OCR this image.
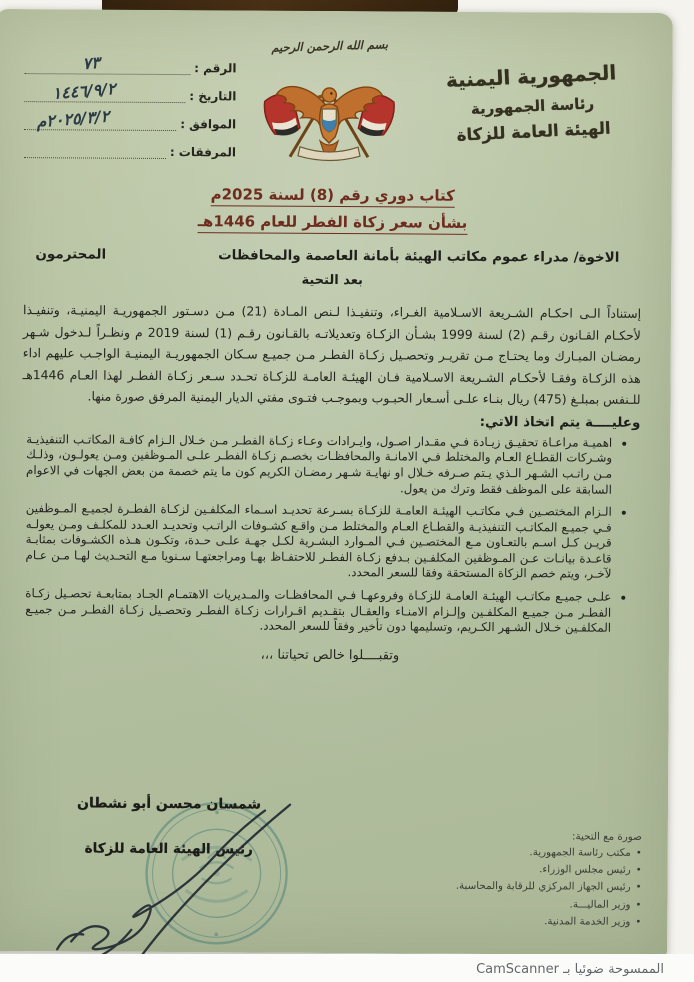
الجمهورية اليمنية
رئاسة الجمهورية
الهيئة العامة للزكاة
بسم الله الرحمن الرحيم
الرقم :
٧٣
التاريخ :
١٤٤٦/٩/٢
الموافق :
٢٠٢٥/٣/٢م
المرفقات :
كتاب دوري رقم (8) لسنة 2025م
بشأن سعر زكاة الفطر للعام 1446هـ
الاخوة/ مدراء عموم مكاتب الهيئة بأمانة العاصمة والمحافظات
المحترمون
بعد التحية

إستناداً الـى احكـام الشـريعة الاسـلامية الغـراء، وتنفيـذا لـنص المـادة (21) مـن دسـتور الجمهوريـة اليمنيـة، وتنفيـذا لأحكـام القـانون رقـم (2) لسنة 1999 بشـأن الزكـاة وتعديلاتـه بالقـانون رقـم (1) لسنة 2019 م ونظـراً لـدخول شـهر رمضـان المبـارك وما يحتـاج مـن تقريـر وتحصـيل زكـاة الفطـر مـن جميـع سـكان الجمهوريـة اليمنيـة الواجـب عليهم اداء هذه الزكـاة وفقـا لأحكـام الشـريعة الاسـلامية فـان الهيئـة العامـة للزكـاة تحـدد سـعر زكـاة الفطـر لهذا العـام 1446هـ للـنفس بمبلـغ (475) ريال بنـاء علـى أسـعار الحبـوب وبموجـب فتـوى مفتي الديار اليمنية المرفق صورة منها.

وعليــــة يتم اتخاذ الاتي:
• اهميـة مراعـاة تحقيـق زيـادة فـي مقـدار اصـول، وايـرادات وعـاء زكـاة الفطـر مـن خـلال الـزام كافـة المكاتـب التنفيذيـة وشـركات القطـاع العـام والمختلط فـي الامانـة والمحافظـات بخصـم زكـاة الفطـر علـى المـوظفين ومـن يعولـون، وذلـك مـن راتـب الشـهر الـذي يـتم صـرفه خـلال او نهايـة شـهر رمضـان الكريم كون ما يتم خصمة من بعض الجهات في الاعوام السابقة على الموظف فقط وترك من يعول.
• الـزام المختصـين فـي مكاتـب الهيئـة العامـة للزكـاة بسـرعة تحديـد اسـماء المكلفـين لزكـاة الفطـرة لجميـع المـوظفين فـي جميـع المكاتـب التنفيذيـة والقطـاع العـام والمختلط مـن واقـع كشـوفات الراتـب وتحديـد العـدد للمكلـف ومـن يعولـه قريـن كـل اسـم بالتعـاون مـع المختصـين فـي المـوارد البشـرية لكـل جهـة علـى حـدة، وتكـون هـذه الكشـوفات بمثابـة قاعـدة بيانـات عـن المـوظفين المكلفـين بـدفع زكـاة الفطـر للاحتفـاظ بهـا ومراجعتهـا سـنويا مـع التحـديث لهـا مـن عـام لآخـر، ويتم خصم الزكاة المستحقة وفقا للسعر المحدد.
• علـى جميـع مكاتـب الهيئـة العامـة للزكـاة وفروعهـا فـي المحافظـات والمـديريات الاهتمـام الجـاد بمتابعـة تحصـيل زكـاة الفطـر مـن جميـع المكلفـين وإلـزام الامنـاء والعقـال بتقـديم اقـرارات زكـاة الفطـر وتحصـيل زكـاة الفطـر مـن جميـع المكلفـين خـلال الشـهر الكـريم، وتسليمها دون تأخير وفقاً للسعر المحدد.
وتقبــــلوا خالص تحياتنا ،،،
شمسان محسن أبو نشطان
رئيس الهيئة العامة للزكاة
صورة مع التحية:
• مكتب رئاسة الجمهورية.
• رئيس مجلس الوزراء.
• رئيس الجهاز المركزي للرقابة والمحاسبة.
• وزير الماليـــة.
• وزير الخدمة المدنية.
الممسوحة ضوئيا بـ CamScanner
